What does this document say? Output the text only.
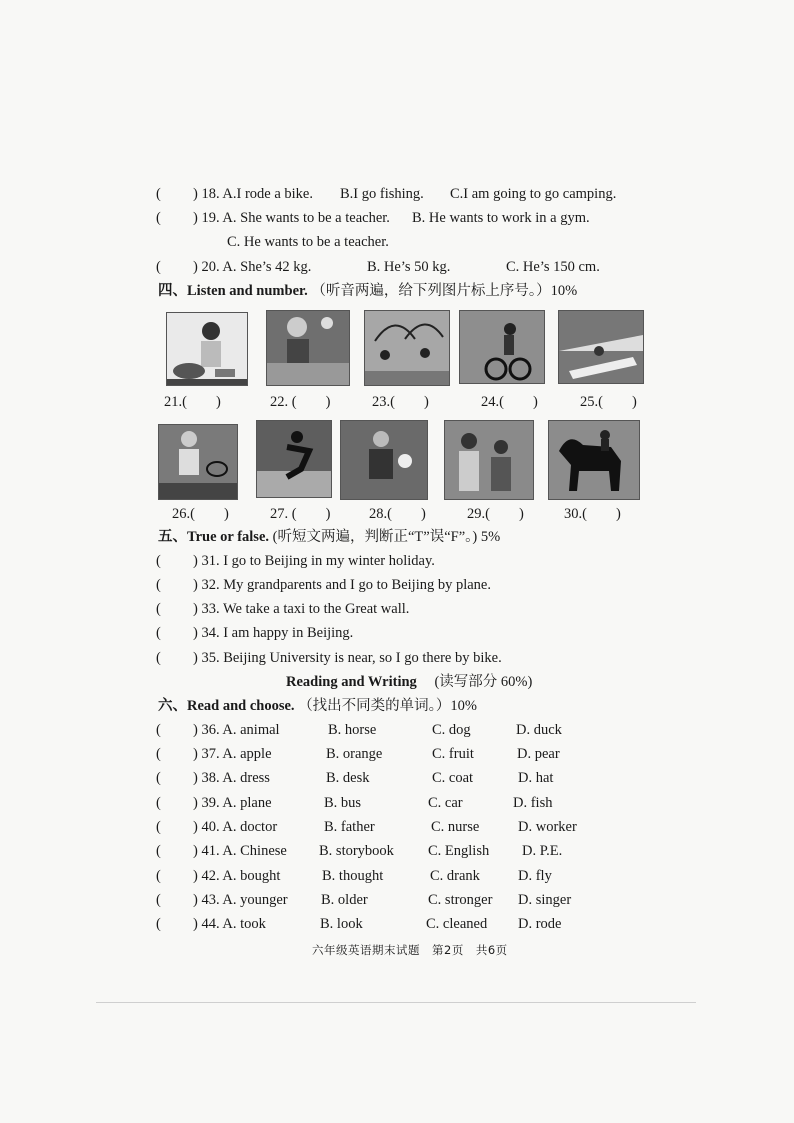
( ) 18. A.I rode a bike. B.I go fishing. C.I am going to go camping.
( ) 19. A. She wants to be a teacher. B. He wants to work in a gym.
C. He wants to be a teacher.
( ) 20. A. She’s 42 kg.	B. He’s 50 kg.	C. He’s 150 cm.
四、Listen and number. （听音两遍，给下列图片标上序号。）10%
21.(　　)	22. (　　)	23.(　　)	24.(　　)	25.(　　)
26.(　　)	27. (　　)	28.(　　)	29.(　　)	30.(　　)
五、True or false. (听短文两遍，判断正“T”误“F”。) 5%
( ) 31. I go to Beijing in my winter holiday.
( ) 32. My grandparents and I go to Beijing by plane.
( ) 33. We take a taxi to the Great wall.
( ) 34. I am happy in Beijing.
( ) 35. Beijing University is near, so I go there by bike.
Reading and Writing (读写部分 60%)
六、Read and choose. （找出不同类的单词。）10%
( ) 36. A. animal	B. horse	C. dog	D. duck
( ) 37. A. apple	B. orange	C. fruit	D. pear
( ) 38. A. dress	B. desk	C. coat	D. hat
( ) 39. A. plane	B. bus	C. car	D. fish
( ) 40. A. doctor	B. father	C. nurse	D. worker
( ) 41. A. Chinese B. storybook C. English D. P.E.
( ) 42. A. bought	B. thought	C. drank	D. fly
( ) 43. A. younger B. older	C. stronger D. singer
( ) 44. A. took	B. look	C. cleaned D. rode
六年级英语期末试题　第2页　共6页
